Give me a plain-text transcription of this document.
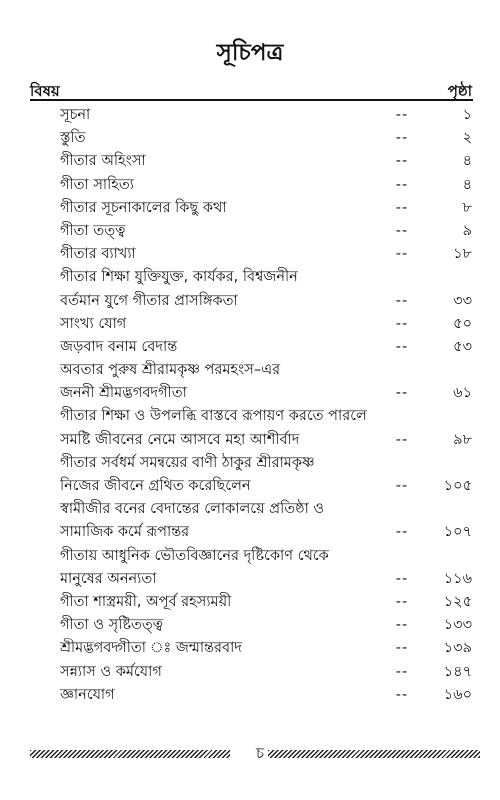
সূচিপত্র
বিষয়	পৃষ্ঠা
সূচনা	--	১
স্তুতি	--	২
গীতার অহিংসা	--	৪
গীতা সাহিত্য	--	৪
গীতার সূচনাকালের কিছু কথা	--	৮
গীতা তত্ত্ব	--	৯
গীতার ব্যাখ্যা	--	১৮
গীতার শিক্ষা যুক্তিযুক্ত, কার্যকর, বিশ্বজনীন
বর্তমান যুগে গীতার প্রাসঙ্গিকতা	--	৩৩
সাংখ্য যোগ	--	৫০
জড়বাদ বনাম বেদান্ত	--	৫৩
অবতার পুরুষ শ্রীরামকৃষ্ণ পরমহংস–এর
জননী শ্রীমদ্ভগবদগীতা	--	৬১
গীতার শিক্ষা ও উপলব্ধি বাস্তবে রূপায়ণ করতে পারলে
সমষ্টি জীবনের নেমে আসবে মহা আশীর্বাদ	--	৯৮
গীতার সর্বধর্ম সমন্বয়ের বাণী ঠাকুর শ্রীরামকৃষ্ণ
নিজের জীবনে গ্রথিত করেছিলেন	--	১০৫
স্বামীজীর বনের বেদান্তের লোকালয়ে প্রতিষ্ঠা ও
সামাজিক কর্মে রূপান্তর	--	১০৭
গীতায় আধুনিক ভৌতবিজ্ঞানের দৃষ্টিকোণ থেকে
মানুষের অনন্যতা	--	১১৬
গীতা শাস্ত্রময়ী, অপূর্ব রহস্যময়ী	--	১২৫
গীতা ও সৃষ্টিতত্ত্ব	--	১৩৩
শ্রীমদ্ভগবদ্গীতা ঃ জন্মান্তরবাদ	--	১৩৯
সন্ন্যাস ও কর্মযোগ	--	১৪৭
জ্ঞানযোগ	--	১৬০
চ
